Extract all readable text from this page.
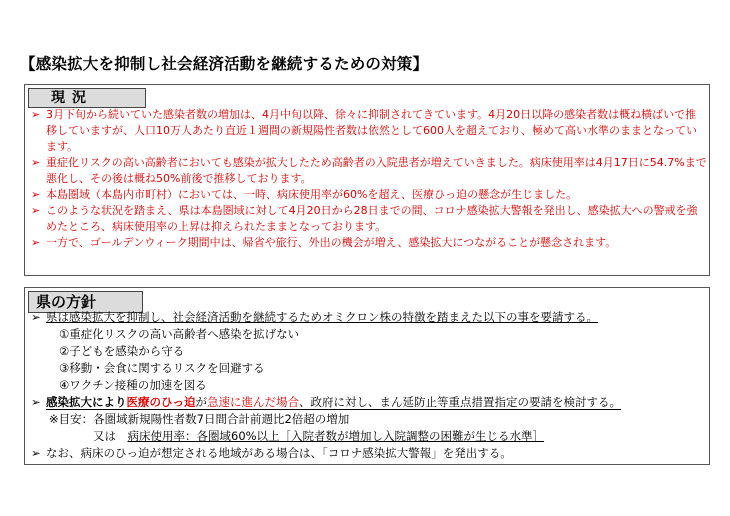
【感染拡大を抑制し社会経済活動を継続するための対策】
現況
➢ 3月下旬から続いていた感染者数の増加は、4月中旬以降、徐々に抑制されてきています。4月20日以降の感染者数は概ね横ばいで推移していますが、人口10万人あたり直近１週間の新規陽性者数は依然として600人を超えており、極めて高い水準のままとなっています。
➢ 重症化リスクの高い高齢者においても感染が拡大したため高齢者の入院患者が増えていきました。病床使用率は4月17日に54.7%まで悪化し、その後は概ね50%前後で推移しております。
➢ 本島圏域（本島内市町村）においては、一時、病床使用率が60%を超え、医療ひっ迫の懸念が生じました。
➢ このような状況を踏まえ、県は本島圏域に対して4月20日から28日までの間、コロナ感染拡大警報を発出し、感染拡大への警戒を強めたところ、病床使用率の上昇は抑えられたままとなっております。
➢ 一方で、ゴールデンウィーク期間中は、帰省や旅行、外出の機会が増え、感染拡大につながることが懸念されます。
県の方針
➢ 県は感染拡大を抑制し、社会経済活動を継続するためオミクロン株の特徴を踏まえた以下の事を要請する。
①重症化リスクの高い高齢者へ感染を拡げない
②子どもを感染から守る
③移動・会食に関するリスクを回避する
④ワクチン接種の加速を図る
➢ 感染拡大により医療のひっ迫が急速に進んだ場合、政府に対し、まん延防止等重点措置指定の要請を検討する。
※目安：各圏域新規陽性者数7日間合計前週比2倍超の増加
又は　 病床使用率：各圏域60%以上［入院者数が増加し入院調整の困難が生じる水準］
➢ なお、病床のひっ迫が想定される地域がある場合は、「コロナ感染拡大警報」を発出する。
